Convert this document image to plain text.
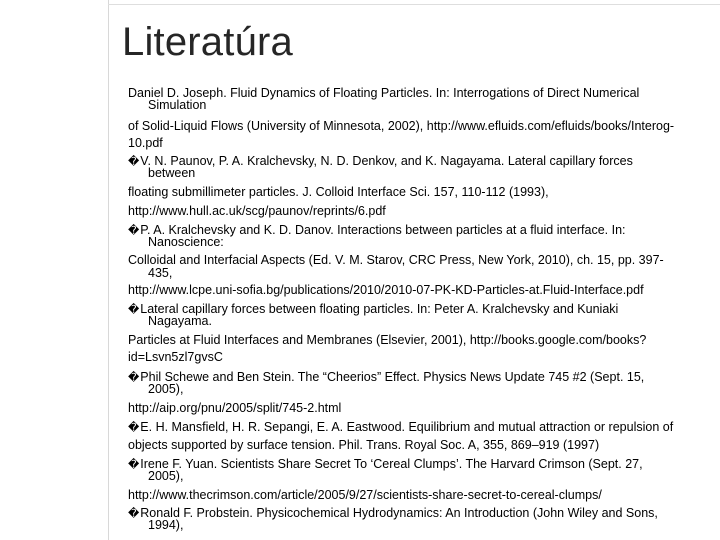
Literatúra
Daniel D. Joseph. Fluid Dynamics of Floating Particles. In: Interrogations of Direct Numerical
Simulation
of Solid-Liquid Flows (University of Minnesota, 2002), http://www.efluids.com/efluids/books/Interog-
10.pdf
�V. N. Paunov, P. A. Kralchevsky, N. D. Denkov, and K. Nagayama. Lateral capillary forces
between
floating submillimeter particles. J. Colloid Interface Sci. 157, 110-112 (1993),
http://www.hull.ac.uk/scg/paunov/reprints/6.pdf
�P. A. Kralchevsky and K. D. Danov. Interactions between particles at a fluid interface. In:
Nanoscience:
Colloidal and Interfacial Aspects (Ed. V. M. Starov, CRC Press, New York, 2010), ch. 15, pp. 397-
435,
http://www.lcpe.uni-sofia.bg/publications/2010/2010-07-PK-KD-Particles-at.Fluid-Interface.pdf
�Lateral capillary forces between floating particles. In: Peter A. Kralchevsky and Kuniaki
Nagayama.
Particles at Fluid Interfaces and Membranes (Elsevier, 2001), http://books.google.com/books?
id=Lsvn5zl7gvsC
�Phil Schewe and Ben Stein. The “Cheerios” Effect. Physics News Update 745 #2 (Sept. 15,
2005),
http://aip.org/pnu/2005/split/745-2.html
�E. H. Mansfield, H. R. Sepangi, E. A. Eastwood. Equilibrium and mutual attraction or repulsion of
objects supported by surface tension. Phil. Trans. Royal Soc. A, 355, 869–919 (1997)
�Irene F. Yuan. Scientists Share Secret To ‘Cereal Clumps’. The Harvard Crimson (Sept. 27,
2005),
http://www.thecrimson.com/article/2005/9/27/scientists-share-secret-to-cereal-clumps/
�Ronald F. Probstein. Physicochemical Hydrodynamics: An Introduction (John Wiley and Sons,
1994),
